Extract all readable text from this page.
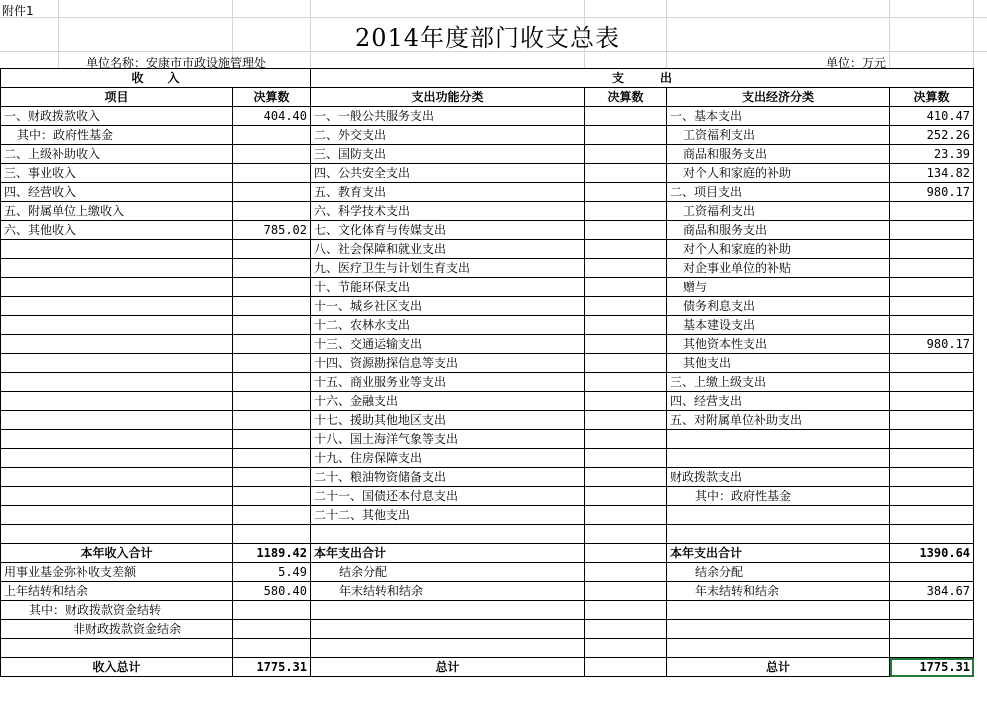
附件1
2014年度部门收支总表
单位名称：安康市市政设施管理处	单位：万元
收　　入		支　　　出			
项目	决算数	支出功能分类	决算数	支出经济分类	决算数
一、财政拨款收入	404.40	一、一般公共服务支出		一、基本支出	410.47
其中：政府性基金		二、外交支出		工资福利支出	252.26
二、上级补助收入		三、国防支出		商品和服务支出	23.39
三、事业收入		四、公共安全支出		对个人和家庭的补助	134.82
四、经营收入		五、教育支出		二、项目支出	980.17
五、附属单位上缴收入		六、科学技术支出		工资福利支出	
六、其他收入	785.02	七、文化体育与传媒支出		商品和服务支出	
		八、社会保障和就业支出		对个人和家庭的补助	
		九、医疗卫生与计划生育支出		对企事业单位的补贴	
		十、节能环保支出		赠与	
		十一、城乡社区支出		债务利息支出	
		十二、农林水支出		基本建设支出	
		十三、交通运输支出		其他资本性支出	980.17
		十四、资源勘探信息等支出		其他支出	
		十五、商业服务业等支出		三、上缴上级支出	
		十六、金融支出		四、经营支出	
		十七、援助其他地区支出		五、对附属单位补助支出	
		十八、国土海洋气象等支出			
		十九、住房保障支出			
		二十、粮油物资储备支出		财政拨款支出	
		二十一、国债还本付息支出		其中：政府性基金	
		二十二、其他支出			

本年收入合计	1189.42	本年支出合计		本年支出合计	1390.64
用事业基金弥补收支差额	5.49	结余分配		结余分配	
上年结转和结余	580.40	年末结转和结余		年末结转和结余	384.67
其中：财政拨款资金结转					
非财政拨款资金结余					

收入总计	1775.31	总计		总计	1775.31
